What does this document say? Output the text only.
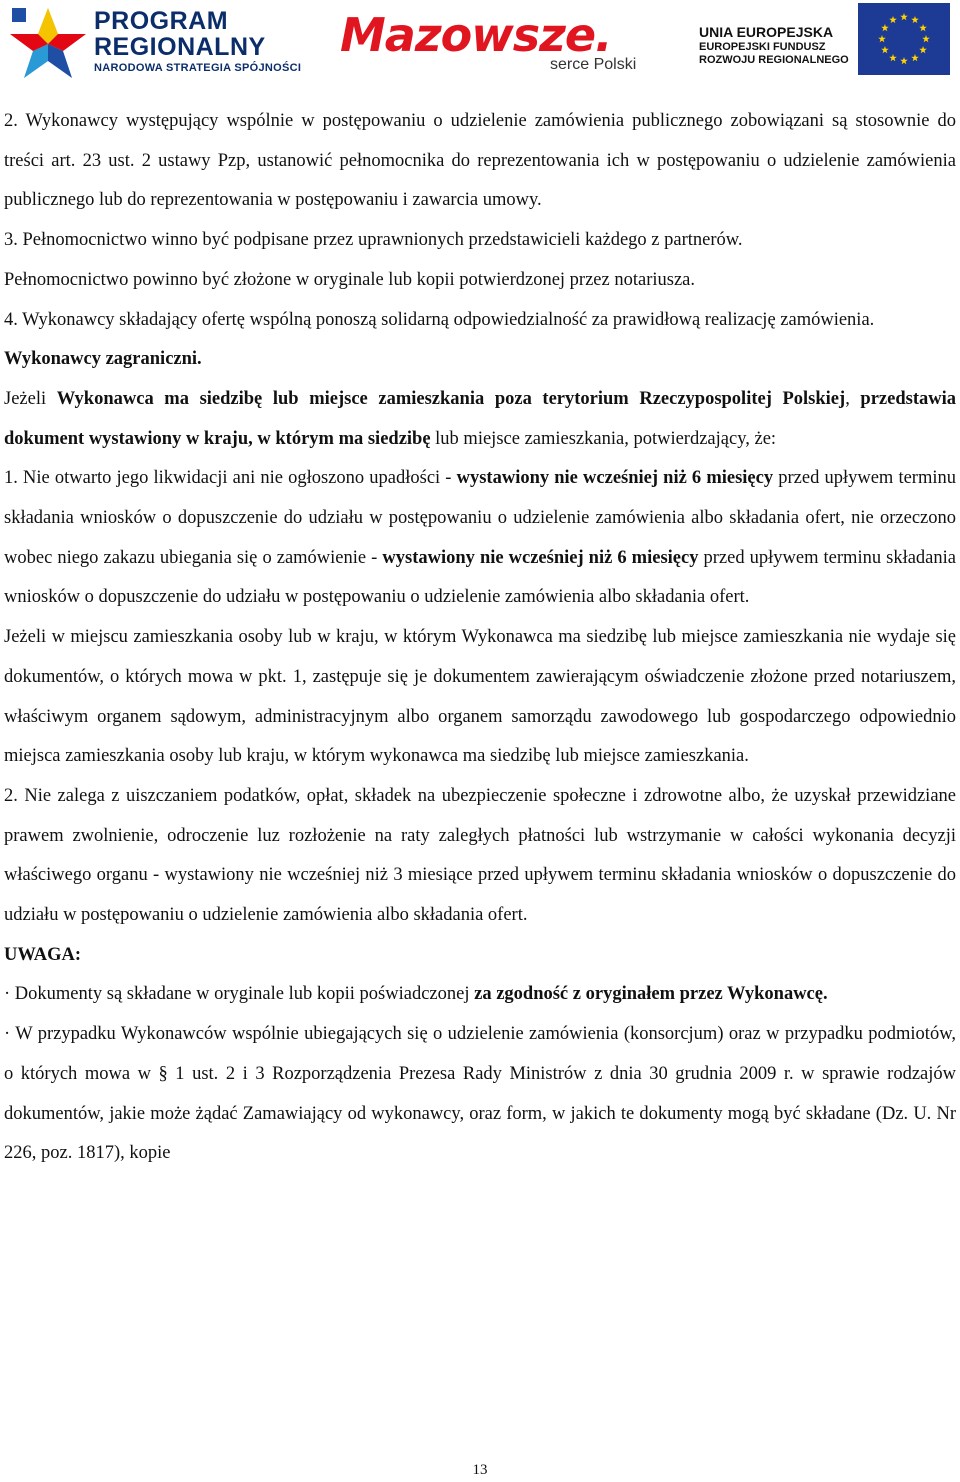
PROGRAM
REGIONALNY
NARODOWA STRATEGIA SPÓJNOŚCI
Mazowsze.
serce Polski
UNIA EUROPEJSKA
EUROPEJSKI FUNDUSZ
ROZWOJU REGIONALNEGO

2. Wykonawcy występujący wspólnie w postępowaniu o udzielenie zamówienia publicznego zobowiązani są stosownie do treści art. 23 ust. 2 ustawy Pzp, ustanowić pełnomocnika do reprezentowania ich w postępowaniu o udzielenie zamówienia publicznego lub do reprezentowania w postępowaniu i zawarcia umowy.

3. Pełnomocnictwo winno być podpisane przez uprawnionych przedstawicieli każdego z partnerów.

Pełnomocnictwo powinno być złożone w oryginale lub kopii potwierdzonej przez notariusza.

4. Wykonawcy składający ofertę wspólną ponoszą solidarną odpowiedzialność za prawidłową realizację zamówienia.

Wykonawcy zagraniczni.

Jeżeli Wykonawca ma siedzibę lub miejsce zamieszkania poza terytorium Rzeczypospolitej Polskiej, przedstawia dokument wystawiony w kraju, w którym ma siedzibę lub miejsce zamieszkania, potwierdzający, że:

1. Nie otwarto jego likwidacji ani nie ogłoszono upadłości - wystawiony nie wcześniej niż 6 miesięcy przed upływem terminu składania wniosków o dopuszczenie do udziału w postępowaniu o udzielenie zamówienia albo składania ofert, nie orzeczono wobec niego zakazu ubiegania się o zamówienie - wystawiony nie wcześniej niż 6 miesięcy przed upływem terminu składania wniosków o dopuszczenie do udziału w postępowaniu o udzielenie zamówienia albo składania ofert.

Jeżeli w miejscu zamieszkania osoby lub w kraju, w którym Wykonawca ma siedzibę lub miejsce zamieszkania nie wydaje się dokumentów, o których mowa w pkt. 1, zastępuje się je dokumentem zawierającym oświadczenie złożone przed notariuszem, właściwym organem sądowym, administracyjnym albo organem samorządu zawodowego lub gospodarczego odpowiednio miejsca zamieszkania osoby lub kraju, w którym wykonawca ma siedzibę lub miejsce zamieszkania.

2. Nie zalega z uiszczaniem podatków, opłat, składek na ubezpieczenie społeczne i zdrowotne albo, że uzyskał przewidziane prawem zwolnienie, odroczenie luz rozłożenie na raty zaległych płatności lub wstrzymanie w całości wykonania decyzji właściwego organu - wystawiony nie wcześniej niż 3 miesiące przed upływem terminu składania wniosków o dopuszczenie do udziału w postępowaniu o udzielenie zamówienia albo składania ofert.

UWAGA:

· Dokumenty są składane w oryginale lub kopii poświadczonej za zgodność z oryginałem przez Wykonawcę.

· W przypadku Wykonawców wspólnie ubiegających się o udzielenie zamówienia (konsorcjum) oraz w przypadku podmiotów, o których mowa w § 1 ust. 2 i 3 Rozporządzenia Prezesa Rady Ministrów z dnia 30 grudnia 2009 r. w sprawie rodzajów dokumentów, jakie może żądać Zamawiający od wykonawcy, oraz form, w jakich te dokumenty mogą być składane (Dz. U. Nr 226, poz. 1817), kopie

13
